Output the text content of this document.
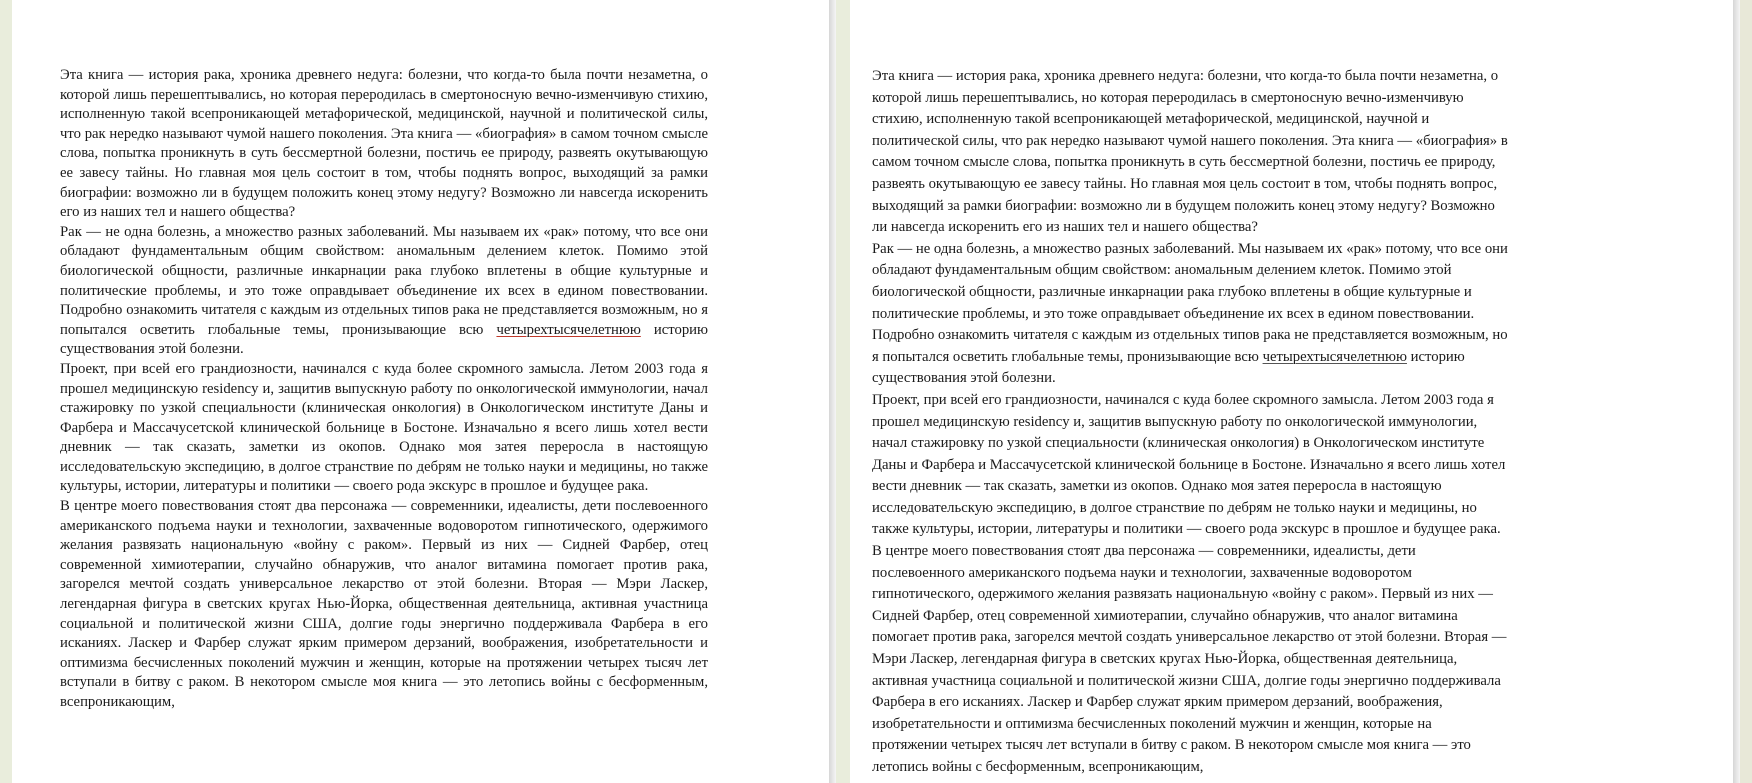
Эта книга — история рака, хроника древнего недуга: болезни, что когда-то была почти незаметна, о которой лишь перешептывались, но которая переродилась в смертоносную вечно-изменчивую стихию, исполненную такой всепроникающей метафорической, медицинской, научной и политической силы, что рак нередко называют чумой нашего поколения. Эта книга — «биография» в самом точном смысле слова, попытка проникнуть в суть бессмертной болезни, постичь ее природу, развеять окутывающую ее завесу тайны. Но главная моя цель состоит в том, чтобы поднять вопрос, выходящий за рамки биографии: возможно ли в будущем положить конец этому недугу? Возможно ли навсегда искоренить его из наших тел и нашего общества?

Рак — не одна болезнь, а множество разных заболеваний. Мы называем их «рак» потому, что все они обладают фундаментальным общим свойством: аномальным делением клеток. Помимо этой биологической общности, различные инкарнации рака глубоко вплетены в общие культурные и политические проблемы, и это тоже оправдывает объединение их всех в едином повествовании. Подробно ознакомить читателя с каждым из отдельных типов рака не представляется возможным, но я попытался осветить глобальные темы, пронизывающие всю четырехтысячелетнюю историю существования этой болезни.

Проект, при всей его грандиозности, начинался с куда более скромного замысла. Летом 2003 года я прошел медицинскую residency и, защитив выпускную работу по онкологической иммунологии, начал стажировку по узкой специальности (клиническая онкология) в Онкологическом институте Даны и Фарбера и Массачусетской клинической больнице в Бостоне. Изначально я всего лишь хотел вести дневник — так сказать, заметки из окопов. Однако моя затея переросла в настоящую исследовательскую экспедицию, в долгое странствие по дебрям не только науки и медицины, но также культуры, истории, литературы и политики — своего рода экскурс в прошлое и будущее рака.

В центре моего повествования стоят два персонажа — современники, идеалисты, дети послевоенного американского подъема науки и технологии, захваченные водоворотом гипнотического, одержимого желания развязать национальную «войну с раком». Первый из них — Сидней Фарбер, отец современной химиотерапии, случайно обнаружив, что аналог витамина помогает против рака, загорелся мечтой создать универсальное лекарство от этой болезни. Вторая — Мэри Ласкер, легендарная фигура в светских кругах Нью-Йорка, общественная деятельница, активная участница социальной и политической жизни США, долгие годы энергично поддерживала Фарбера в его исканиях. Ласкер и Фарбер служат ярким примером дерзаний, воображения, изобретательности и оптимизма бесчисленных поколений мужчин и женщин, которые на протяжении четырех тысяч лет вступали в битву с раком. В некотором смысле моя книга — это летопись войны с бесформенным, всепроникающим,

Эта книга — история рака, хроника древнего недуга: болезни, что когда-то была почти незаметна, о которой лишь перешептывались, но которая переродилась в смертоносную вечно-изменчивую стихию, исполненную такой всепроникающей метафорической, медицинской, научной и политической силы, что рак нередко называют чумой нашего поколения. Эта книга — «биография» в самом точном смысле слова, попытка проникнуть в суть бессмертной болезни, постичь ее природу, развеять окутывающую ее завесу тайны. Но главная моя цель состоит в том, чтобы поднять вопрос, выходящий за рамки биографии: возможно ли в будущем положить конец этому недугу? Возможно ли навсегда искоренить его из наших тел и нашего общества?

Рак — не одна болезнь, а множество разных заболеваний. Мы называем их «рак» потому, что все они обладают фундаментальным общим свойством: аномальным делением клеток. Помимо этой биологической общности, различные инкарнации рака глубоко вплетены в общие культурные и политические проблемы, и это тоже оправдывает объединение их всех в едином повествовании. Подробно ознакомить читателя с каждым из отдельных типов рака не представляется возможным, но я попытался осветить глобальные темы, пронизывающие всю четырехтысячелетнюю историю существования этой болезни.

Проект, при всей его грандиозности, начинался с куда более скромного замысла. Летом 2003 года я прошел медицинскую residency и, защитив выпускную работу по онкологической иммунологии, начал стажировку по узкой специальности (клиническая онкология) в Онкологическом институте Даны и Фарбера и Массачусетской клинической больнице в Бостоне. Изначально я всего лишь хотел вести дневник — так сказать, заметки из окопов. Однако моя затея переросла в настоящую исследовательскую экспедицию, в долгое странствие по дебрям не только науки и медицины, но также культуры, истории, литературы и политики — своего рода экскурс в прошлое и будущее рака.

В центре моего повествования стоят два персонажа — современники, идеалисты, дети послевоенного американского подъема науки и технологии, захваченные водоворотом гипнотического, одержимого желания развязать национальную «войну с раком». Первый из них — Сидней Фарбер, отец современной химиотерапии, случайно обнаружив, что аналог витамина помогает против рака, загорелся мечтой создать универсальное лекарство от этой болезни. Вторая — Мэри Ласкер, легендарная фигура в светских кругах Нью-Йорка, общественная деятельница, активная участница социальной и политической жизни США, долгие годы энергично поддерживала Фарбера в его исканиях. Ласкер и Фарбер служат ярким примером дерзаний, воображения, изобретательности и оптимизма бесчисленных поколений мужчин и женщин, которые на протяжении четырех тысяч лет вступали в битву с раком. В некотором смысле моя книга — это летопись войны с бесформенным, всепроникающим,
